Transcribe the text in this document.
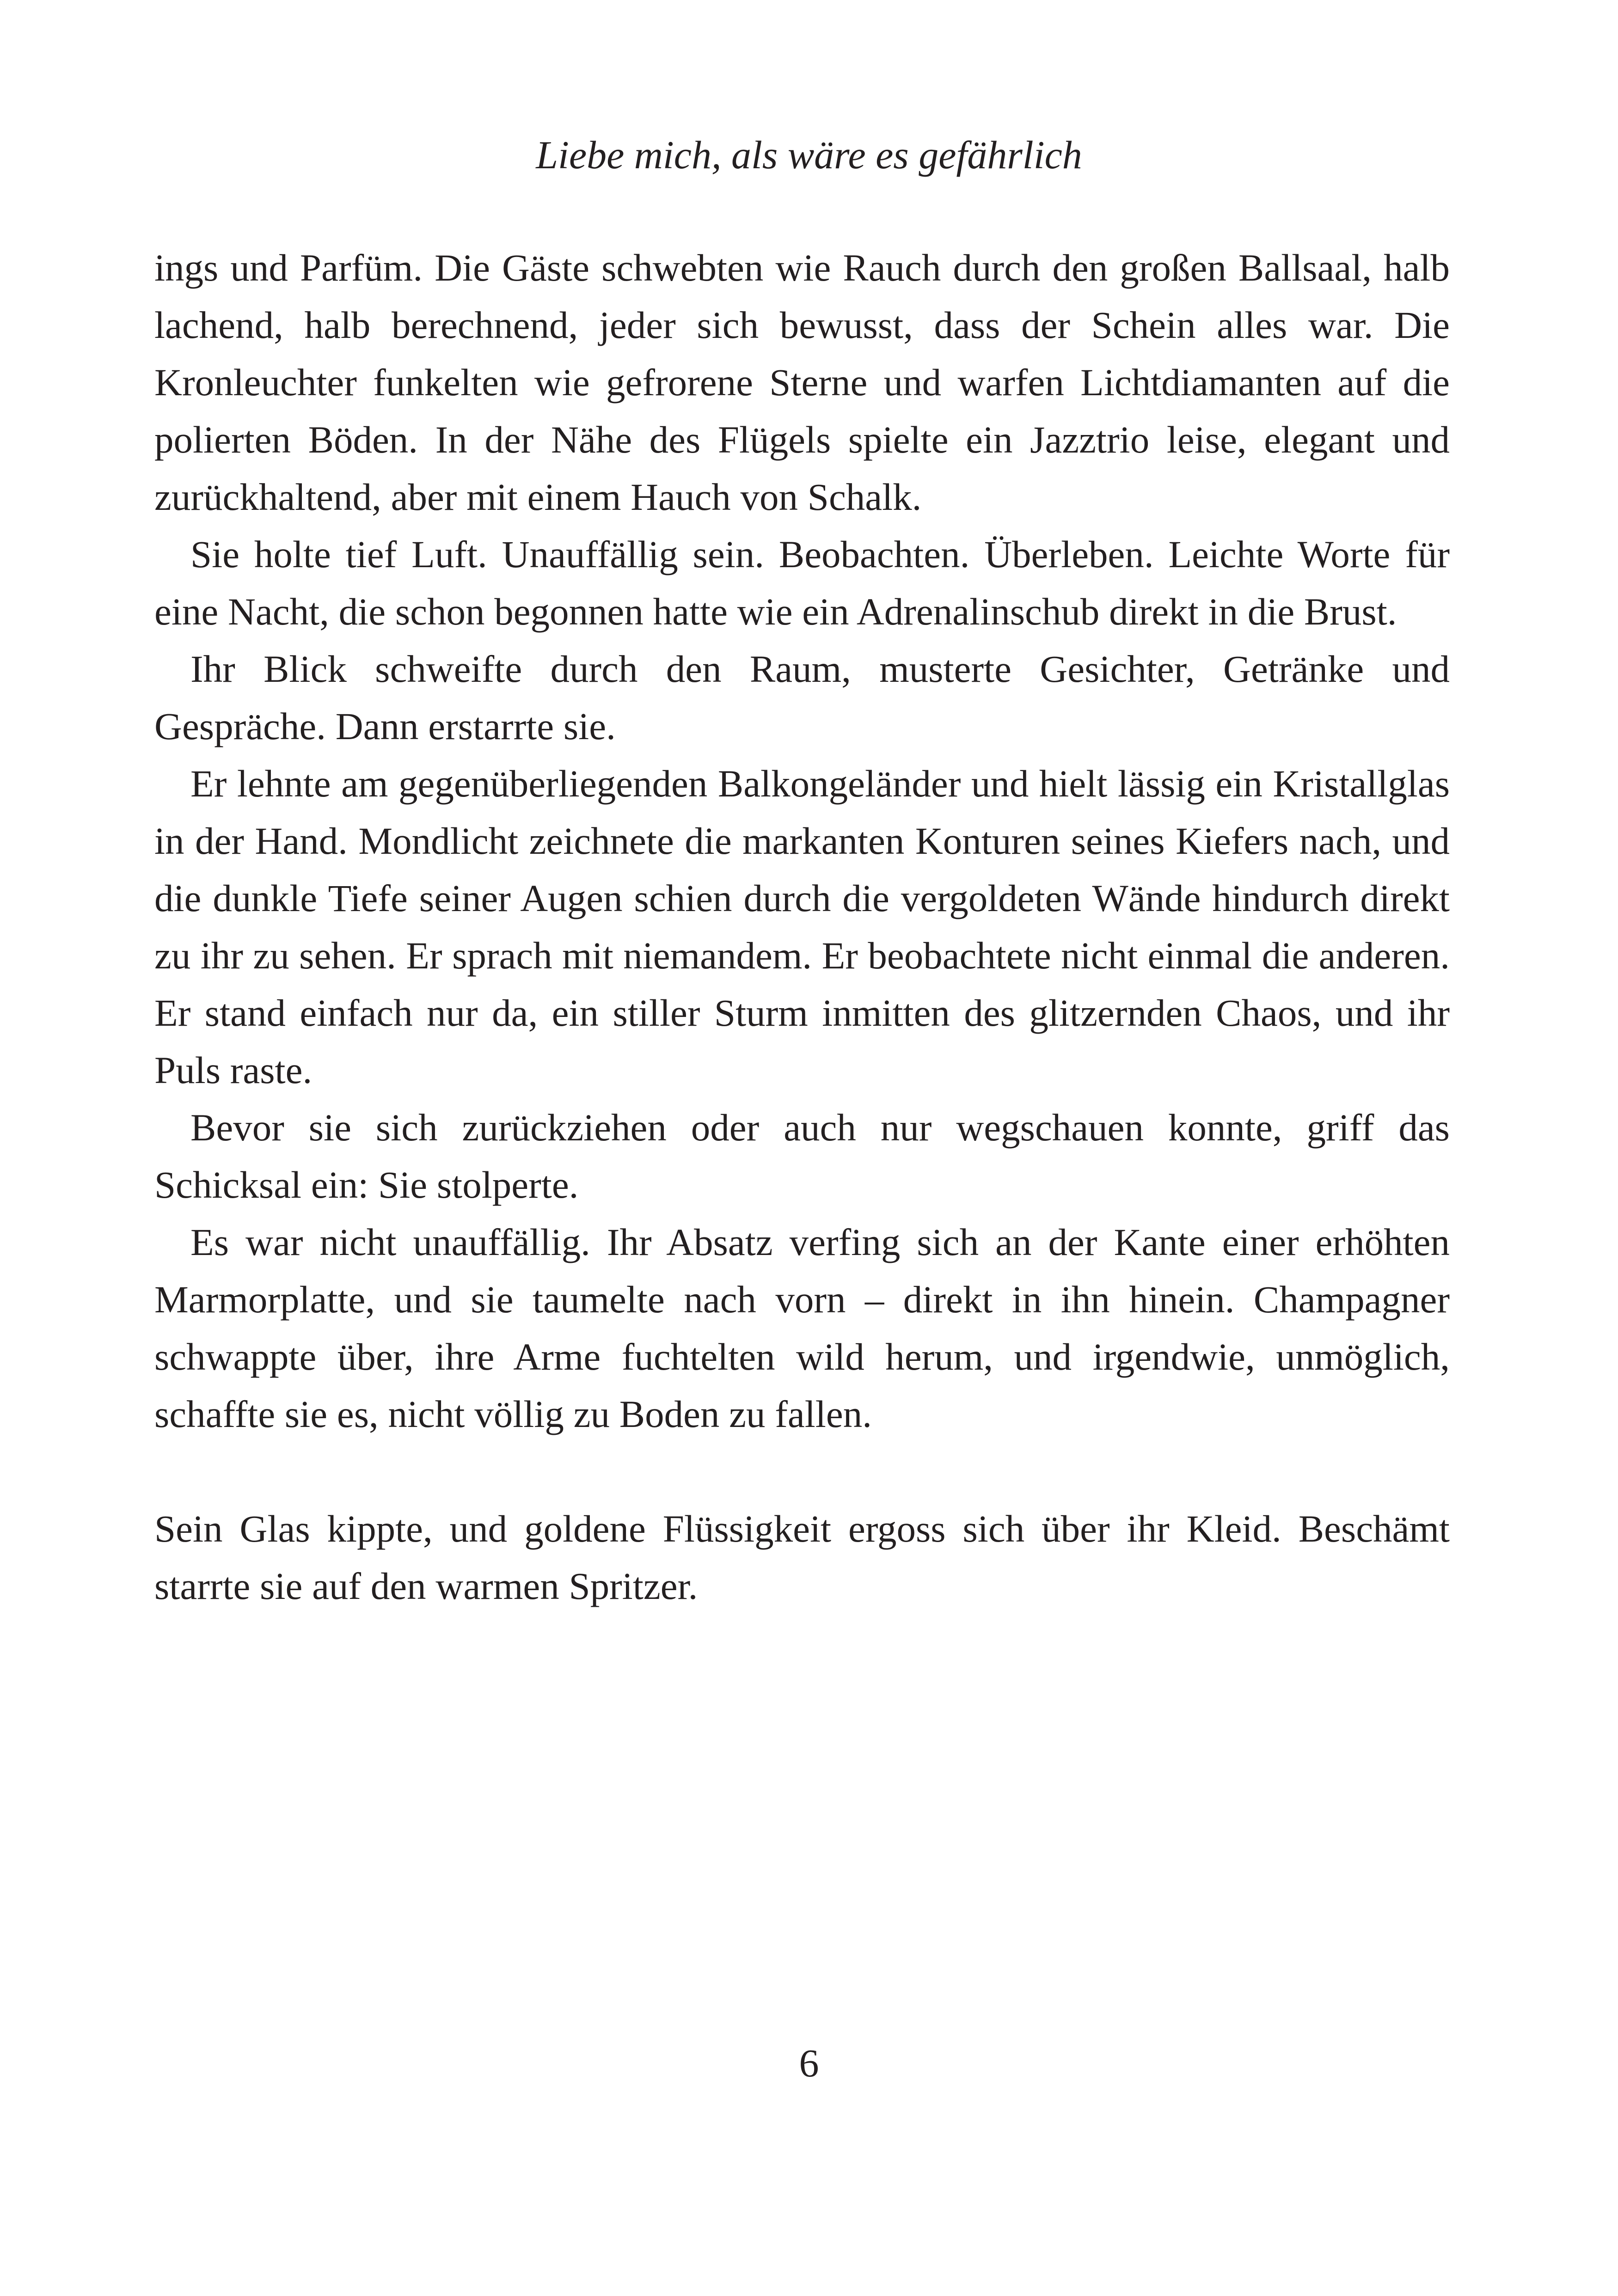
Liebe mich, als wäre es gefährlich

ings und Parfüm. Die Gäste schwebten wie Rauch durch den großen Ballsaal, halb lachend, halb berechnend, jeder sich bewusst, dass der Schein alles war. Die Kronleuchter funkelten wie gefrorene Sterne und warfen Lichtdiamanten auf die polierten Böden. In der Nähe des Flügels spielte ein Jazztrio leise, elegant und zurückhaltend, aber mit einem Hauch von Schalk.

Sie holte tief Luft. Unauffällig sein. Beobachten. Überleben. Leichte Worte für eine Nacht, die schon begonnen hatte wie ein Adrenalinschub direkt in die Brust.

Ihr Blick schweifte durch den Raum, musterte Gesichter, Getränke und Gespräche. Dann erstarrte sie.

Er lehnte am gegenüberliegenden Balkongeländer und hielt lässig ein Kristallglas in der Hand. Mondlicht zeichnete die markanten Konturen seines Kiefers nach, und die dunkle Tiefe seiner Augen schien durch die vergoldeten Wände hindurch direkt zu ihr zu sehen. Er sprach mit niemandem. Er beobachtete nicht einmal die anderen. Er stand einfach nur da, ein stiller Sturm inmitten des glitzernden Chaos, und ihr Puls raste.

Bevor sie sich zurückziehen oder auch nur wegschauen konnte, griff das Schicksal ein: Sie stolperte.

Es war nicht unauffällig. Ihr Absatz verfing sich an der Kante einer erhöhten Marmorplatte, und sie taumelte nach vorn – direkt in ihn hinein. Champagner schwappte über, ihre Arme fuchtelten wild herum, und irgendwie, unmöglich, schaffte sie es, nicht völlig zu Boden zu fallen.

Sein Glas kippte, und goldene Flüssigkeit ergoss sich über ihr Kleid. Beschämt starrte sie auf den warmen Spritzer.

6
